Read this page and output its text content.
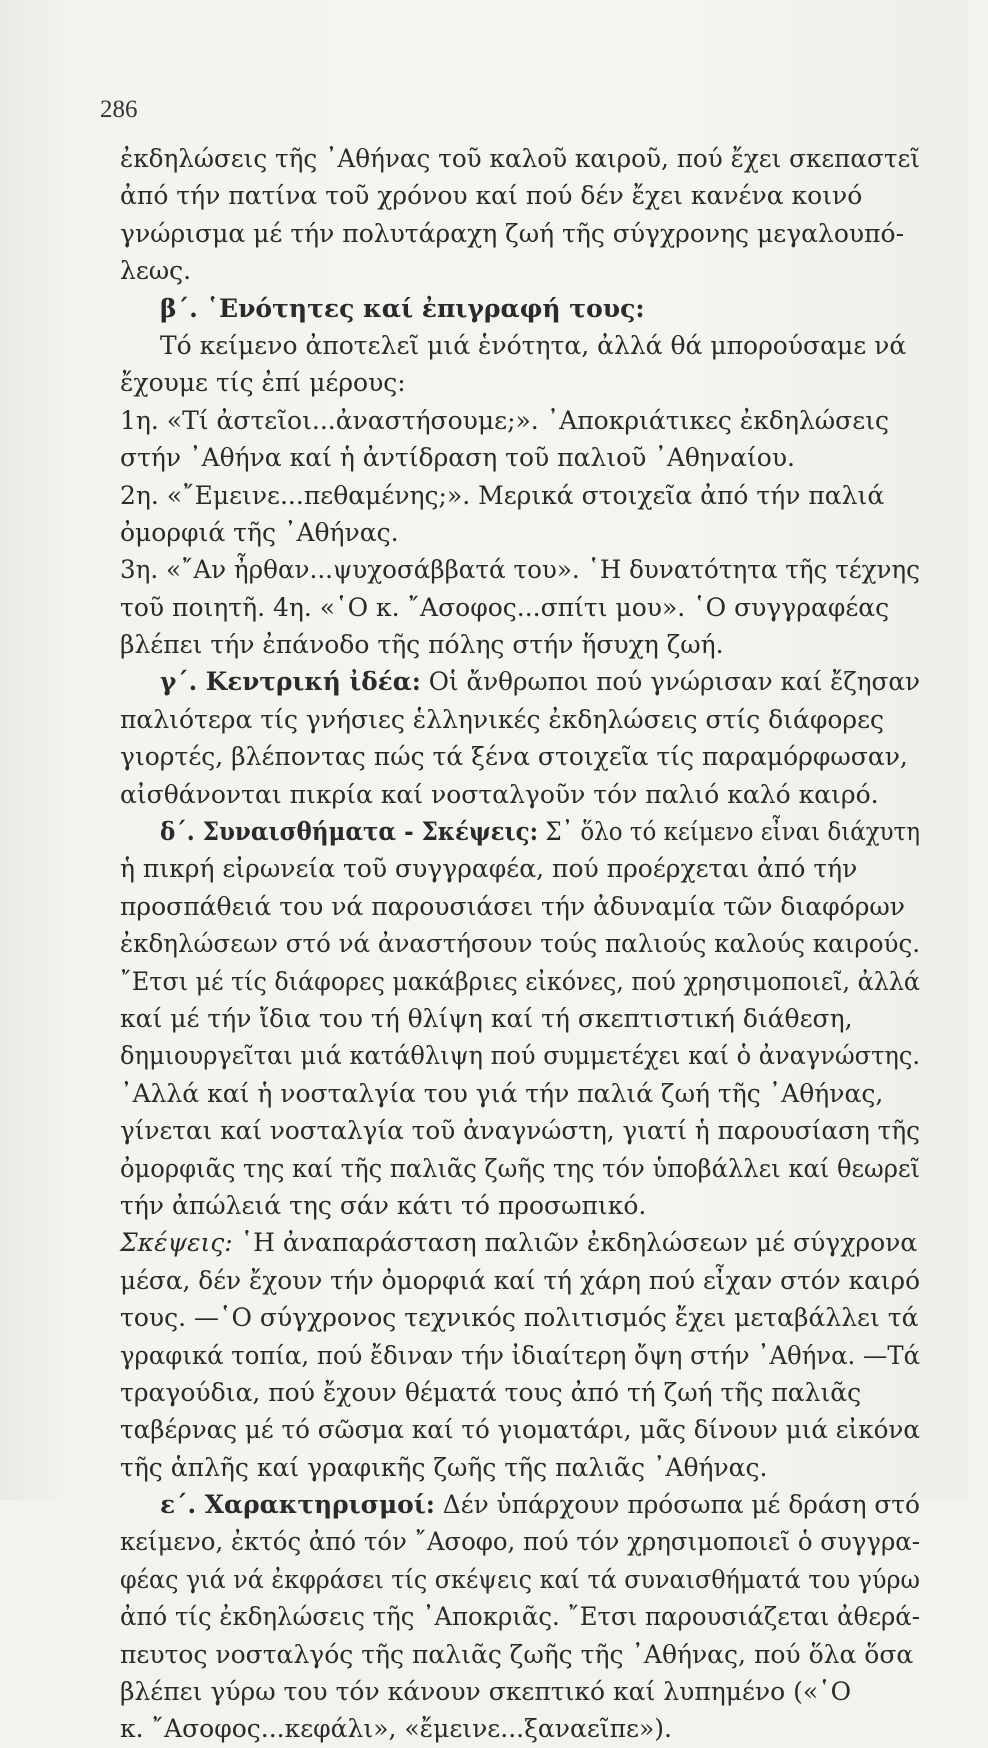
286
ἐκδηλώσεις τῆς ᾽Αθήνας τοῦ καλοῦ καιροῦ, πού ἔχει σκεπαστεῖ
ἀπό τήν πατίνα τοῦ χρόνου καί πού δέν ἔχει κανένα κοινό
γνώρισμα μέ τήν πολυτάραχη ζωή τῆς σύγχρονης μεγαλουπό-
λεως.
β΄. ῾Ενότητες καί ἐπιγραφή τους:
Τό κείμενο ἀποτελεῖ μιά ἑνότητα, ἀλλά θά μπορούσαμε νά
ἔχουμε τίς ἐπί μέρους:
1η. «Τί ἀστεῖοι...ἀναστήσουμε;». ᾽Αποκριάτικες ἐκδηλώσεις
στήν ᾽Αθήνα καί ἡ ἀντίδραση τοῦ παλιοῦ ᾽Αθηναίου.
2η. «῎Εμεινε...πεθαμένης;». Μερικά στοιχεῖα ἀπό τήν παλιά
ὀμορφιά τῆς ᾽Αθήνας.
3η. «῎Αν ἦρθαν...ψυχοσάββατά του». ῾Η δυνατότητα τῆς τέχνης
τοῦ ποιητῆ. 4η. «῾Ο κ. ῎Ασοφος...σπίτι μου». ῾Ο συγγραφέας
βλέπει τήν ἐπάνοδο τῆς πόλης στήν ἥσυχη ζωή.
γ΄. Κεντρική ἰδέα: Οἱ ἄνθρωποι πού γνώρισαν καί ἔζησαν
παλιότερα τίς γνήσιες ἑλληνικές ἐκδηλώσεις στίς διάφορες
γιορτές, βλέποντας πώς τά ξένα στοιχεῖα τίς παραμόρφωσαν,
αἰσθάνονται πικρία καί νοσταλγοῦν τόν παλιό καλό καιρό.
δ΄. Συναισθήματα - Σκέψεις: Σ᾽ ὅλο τό κείμενο εἶναι διάχυτη
ἡ πικρή εἰρωνεία τοῦ συγγραφέα, πού προέρχεται ἀπό τήν
προσπάθειά του νά παρουσιάσει τήν ἀδυναμία τῶν διαφόρων
ἐκδηλώσεων στό νά ἀναστήσουν τούς παλιούς καλούς καιρούς.
῎Ετσι μέ τίς διάφορες μακάβριες εἰκόνες, πού χρησιμοποιεῖ, ἀλλά
καί μέ τήν ἴδια του τή θλίψη καί τή σκεπτιστική διάθεση,
δημιουργεῖται μιά κατάθλιψη πού συμμετέχει καί ὁ ἀναγνώστης.
᾽Αλλά καί ἡ νοσταλγία του γιά τήν παλιά ζωή τῆς ᾽Αθήνας,
γίνεται καί νοσταλγία τοῦ ἀναγνώστη, γιατί ἡ παρουσίαση τῆς
ὀμορφιᾶς της καί τῆς παλιᾶς ζωῆς της τόν ὑποβάλλει καί θεωρεῖ
τήν ἀπώλειά της σάν κάτι τό προσωπικό.
Σκέψεις: ῾Η ἀναπαράσταση παλιῶν ἐκδηλώσεων μέ σύγχρονα
μέσα, δέν ἔχουν τήν ὀμορφιά καί τή χάρη πού εἶχαν στόν καιρό
τους. —῾Ο σύγχρονος τεχνικός πολιτισμός ἔχει μεταβάλλει τά
γραφικά τοπία, πού ἔδιναν τήν ἰδιαίτερη ὄψη στήν ᾽Αθήνα. —Τά
τραγούδια, πού ἔχουν θέματά τους ἀπό τή ζωή τῆς παλιᾶς
ταβέρνας μέ τό σῶσμα καί τό γιοματάρι, μᾶς δίνουν μιά εἰκόνα
τῆς ἁπλῆς καί γραφικῆς ζωῆς τῆς παλιᾶς ᾽Αθήνας.
ε΄. Χαρακτηρισμοί: Δέν ὑπάρχουν πρόσωπα μέ δράση στό
κείμενο, ἐκτός ἀπό τόν ῎Ασοφο, πού τόν χρησιμοποιεῖ ὁ συγγρα-
φέας γιά νά ἐκφράσει τίς σκέψεις καί τά συναισθήματά του γύρω
ἀπό τίς ἐκδηλώσεις τῆς ᾽Αποκριᾶς. ῎Ετσι παρουσιάζεται ἀθερά-
πευτος νοσταλγός τῆς παλιᾶς ζωῆς τῆς ᾽Αθήνας, πού ὅλα ὅσα
βλέπει γύρω του τόν κάνουν σκεπτικό καί λυπημένο («῾Ο
κ. ῎Ασοφος...κεφάλι», «ἔμεινε...ξαναεῖπε»).
